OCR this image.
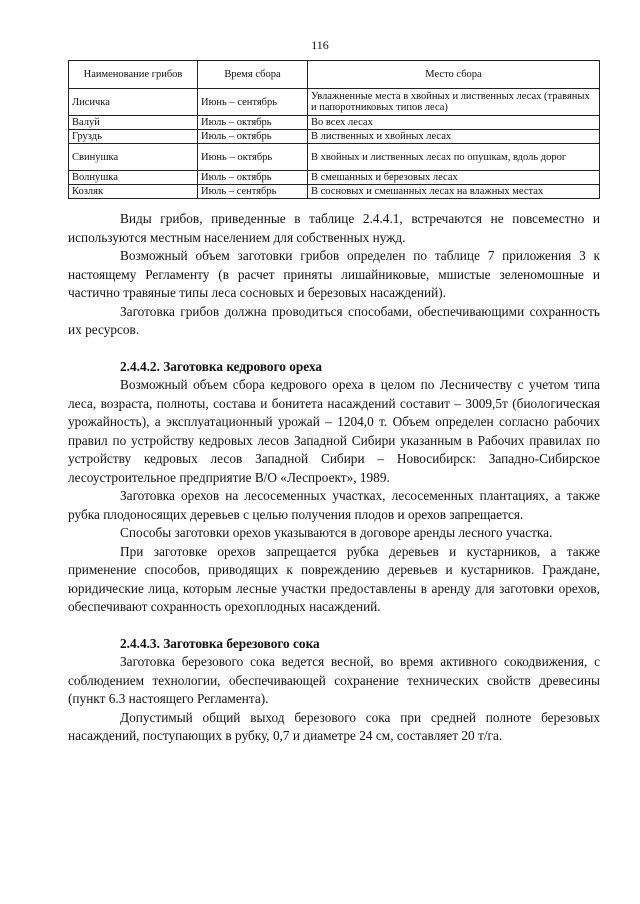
116
Наименование грибов	Время сбора	Место сбора
Лисичка	Июнь – сентябрь	Увлажненные места в хвойных и лиственных лесах (травяных и папоротниковых типов леса)
Валуй	Июль – октябрь	Во всех лесах
Груздь	Июль – октябрь	В лиственных и хвойных лесах
Свинушка	Июнь – октябрь	В хвойных и лиственных лесах по опушкам, вдоль дорог
Волнушка	Июль – октябрь	В смешанных и березовых лесах
Козляк	Июль – сентябрь	В сосновых и смешанных лесах на влажных местах

Виды грибов, приведенные в таблице 2.4.4.1, встречаются не повсеместно и используются местным населением для собственных нужд.

Возможный объем заготовки грибов определен по таблице 7 приложения 3 к настоящему Регламенту (в расчет приняты лишайниковые, мшистые зеленомошные и частично травяные типы леса сосновых и березовых насаждений).

Заготовка грибов должна проводиться способами, обеспечивающими сохранность их ресурсов.

2.4.4.2. Заготовка кедрового ореха

Возможный объем сбора кедрового ореха в целом по Лесничеству с учетом типа леса, возраста, полноты, состава и бонитета насаждений составит – 3009,5т (биологическая урожайность), а эксплуатационный урожай – 1204,0 т. Объем определен согласно рабочих правил по устройству кедровых лесов Западной Сибири указанным в Рабочих правилах по устройству кедровых лесов Западной Сибири – Новосибирск: Западно-Сибирское лесоустроительное предприятие В/О «Леспроект», 1989.

Заготовка орехов на лесосеменных участках, лесосеменных плантациях, а также рубка плодоносящих деревьев с целью получения плодов и орехов запрещается.

Способы заготовки орехов указываются в договоре аренды лесного участка.

При заготовке орехов запрещается рубка деревьев и кустарников, а также применение способов, приводящих к повреждению деревьев и кустарников. Граждане, юридические лица, которым лесные участки предоставлены в аренду для заготовки орехов, обеспечивают сохранность орехоплодных насаждений.

2.4.4.3. Заготовка березового сока

Заготовка березового сока ведется весной, во время активного сокодвижения, с соблюдением технологии, обеспечивающей сохранение технических свойств древесины (пункт 6.3 настоящего Регламента).

Допустимый общий выход березового сока при средней полноте березовых насаждений, поступающих в рубку, 0,7 и диаметре 24 см, составляет 20 т/га.
